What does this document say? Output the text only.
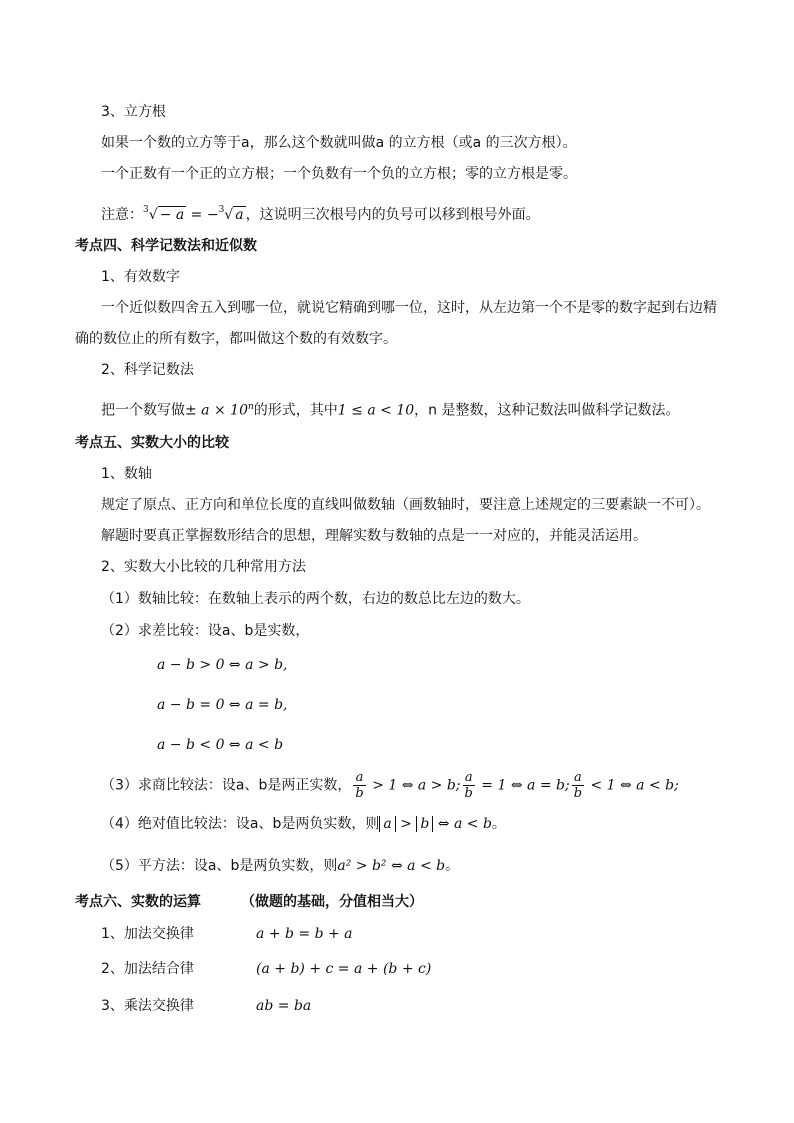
3、立方根
如果一个数的立方等于a，那么这个数就叫做a 的立方根（或a 的三次方根）。
一个正数有一个正的立方根；一个负数有一个负的立方根；零的立方根是零。
注意：$^3$√ − a = −$^3$√ a ，这说明三次根号内的负号可以移到根号外面。
考点四、科学记数法和近似数
1、有效数字
一个近似数四舍五入到哪一位，就说它精确到哪一位，这时，从左边第一个不是零的数字起到右边精
确的数位止的所有数字，都叫做这个数的有效数字。
2、科学记数法
把一个数写做± $a \times 10^n$的形式，其中1 ≤ a < 10，n 是整数，这种记数法叫做科学记数法。
考点五、实数大小的比较
1、数轴
规定了原点、正方向和单位长度的直线叫做数轴（画数轴时，要注意上述规定的三要素缺一不可）。
解题时要真正掌握数形结合的思想，理解实数与数轴的点是一一对应的，并能灵活运用。
2、实数大小比较的几种常用方法
（1）数轴比较：在数轴上表示的两个数，右边的数总比左边的数大。
（2）求差比较：设a、b是实数，
a − b > 0 ⇔ a > b,
a − b = 0 ⇔ a = b,
a − b < 0 ⇔ a < b
（3）求商比较法：设a、b是两正实数， $\frac{a}{b} > 1$ ⇔ a > b; $\frac{a}{b} = 1$ ⇔ a = b; $\frac{a}{b} < 1$ ⇔ a < b;
（4）绝对值比较法：设a、b是两负实数，则 a > b ⇔ a < b。
（5）平方法：设a、b是两负实数，则a² > b² ⇔ a < b。
考点六、实数的运算	（做题的基础，分值相当大）
1、加法交换律	a + b = b + a
2、加法结合律	(a + b) + c = a + (b + c)
3、乘法交换律	ab = ba
